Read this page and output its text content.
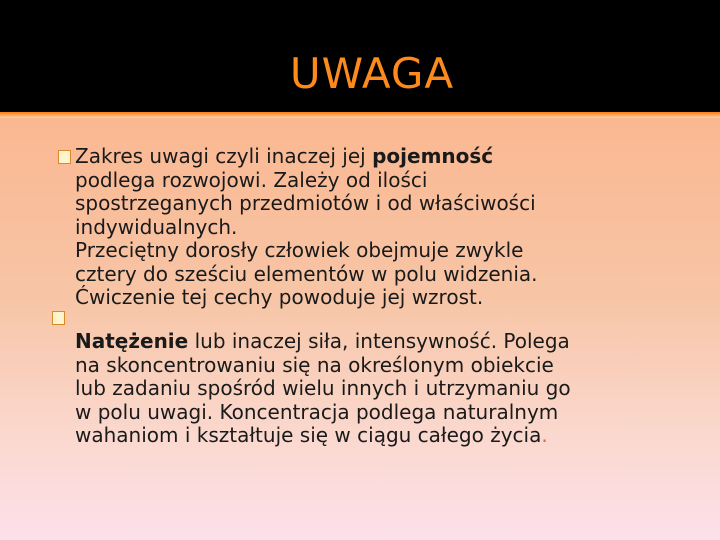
UWAGA
Zakres uwagi czyli inaczej jej pojemność
podlega rozwojowi. Zależy od ilości
spostrzeganych przedmiotów i od właściwości
indywidualnych.
Przeciętny dorosły człowiek obejmuje zwykle
cztery do sześciu elementów w polu widzenia.
Ćwiczenie tej cechy powoduje jej wzrost.
Natężenie lub inaczej siła, intensywność. Polega
na skoncentrowaniu się na określonym obiekcie
lub zadaniu spośród wielu innych i utrzymaniu go
w polu uwagi. Koncentracja podlega naturalnym
wahaniom i kształtuje się w ciągu całego życia.
